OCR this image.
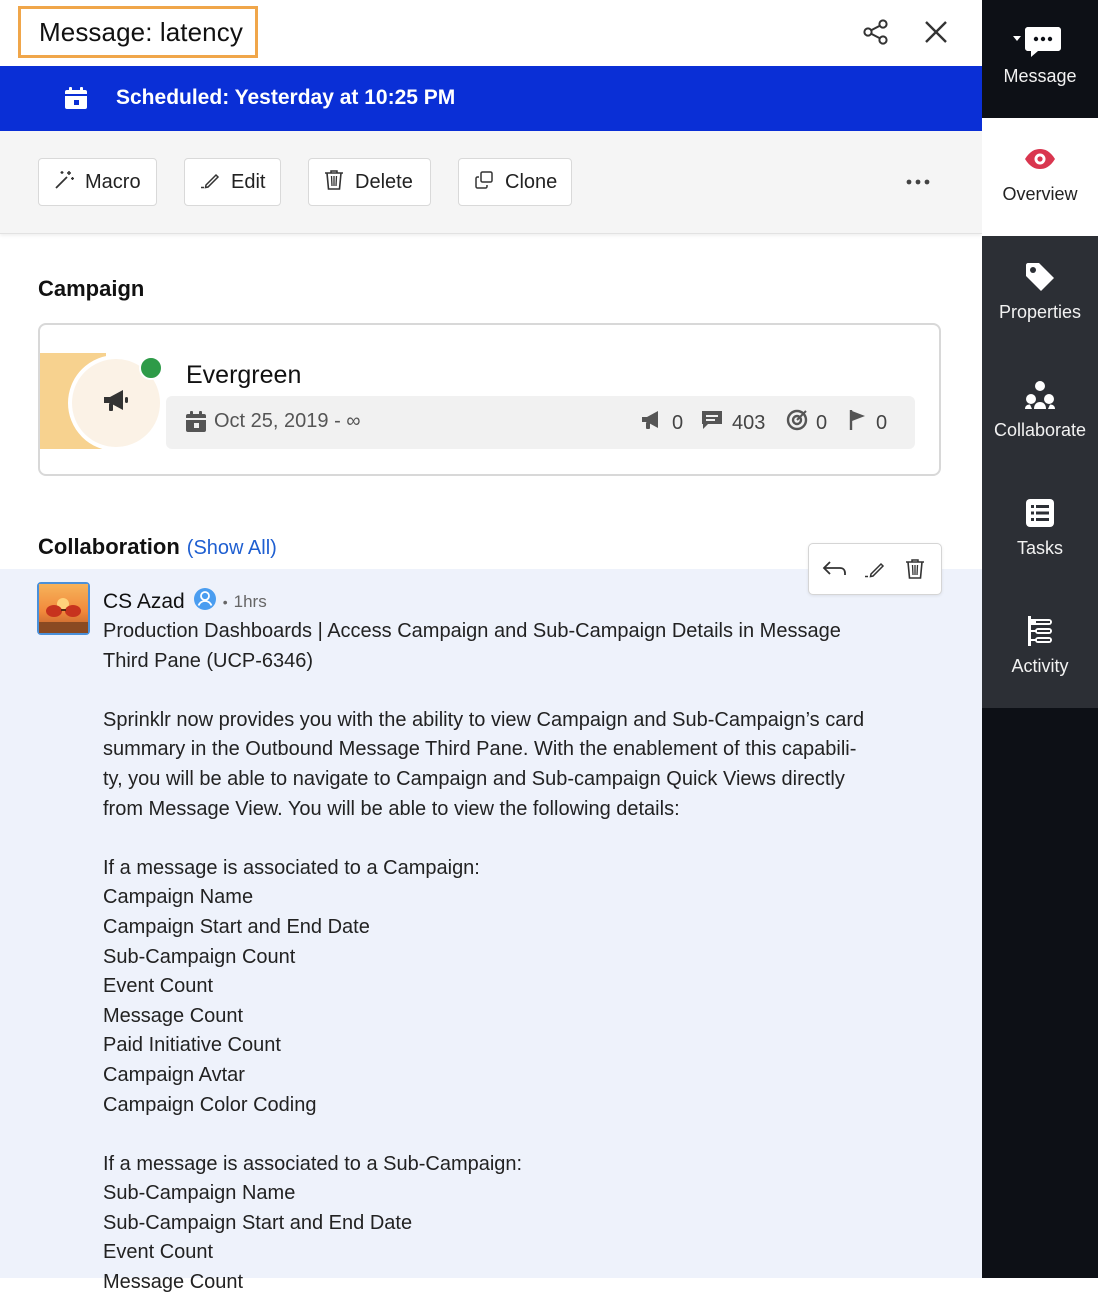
Message: latency
Scheduled: Yesterday at 10:25 PM
Macro	Edit	Delete	Clone
Campaign
Evergreen
Oct 25, 2019 - ∞	0 403	0 0
Collaboration (Show All)
CS Azad	• 1hrs

Production Dashboards | Access Campaign and Sub-Campaign Details in Message

Third Pane (UCP-6346)

Sprinklr now provides you with the ability to view Campaign and Sub-Campaign’s card

summary in the Outbound Message Third Pane. With the enablement of this capabili-

ty, you will be able to navigate to Campaign and Sub-campaign Quick Views directly

from Message View. You will be able to view the following details:

If a message is associated to a Campaign:

Campaign Name

Campaign Start and End Date

Sub-Campaign Count

Event Count

Message Count

Paid Initiative Count

Campaign Avtar

Campaign Color Coding

If a message is associated to a Sub-Campaign:

Sub-Campaign Name

Sub-Campaign Start and End Date

Event Count

Message Count

Message
Overview
Properties
Collaborate
Tasks
Activity
